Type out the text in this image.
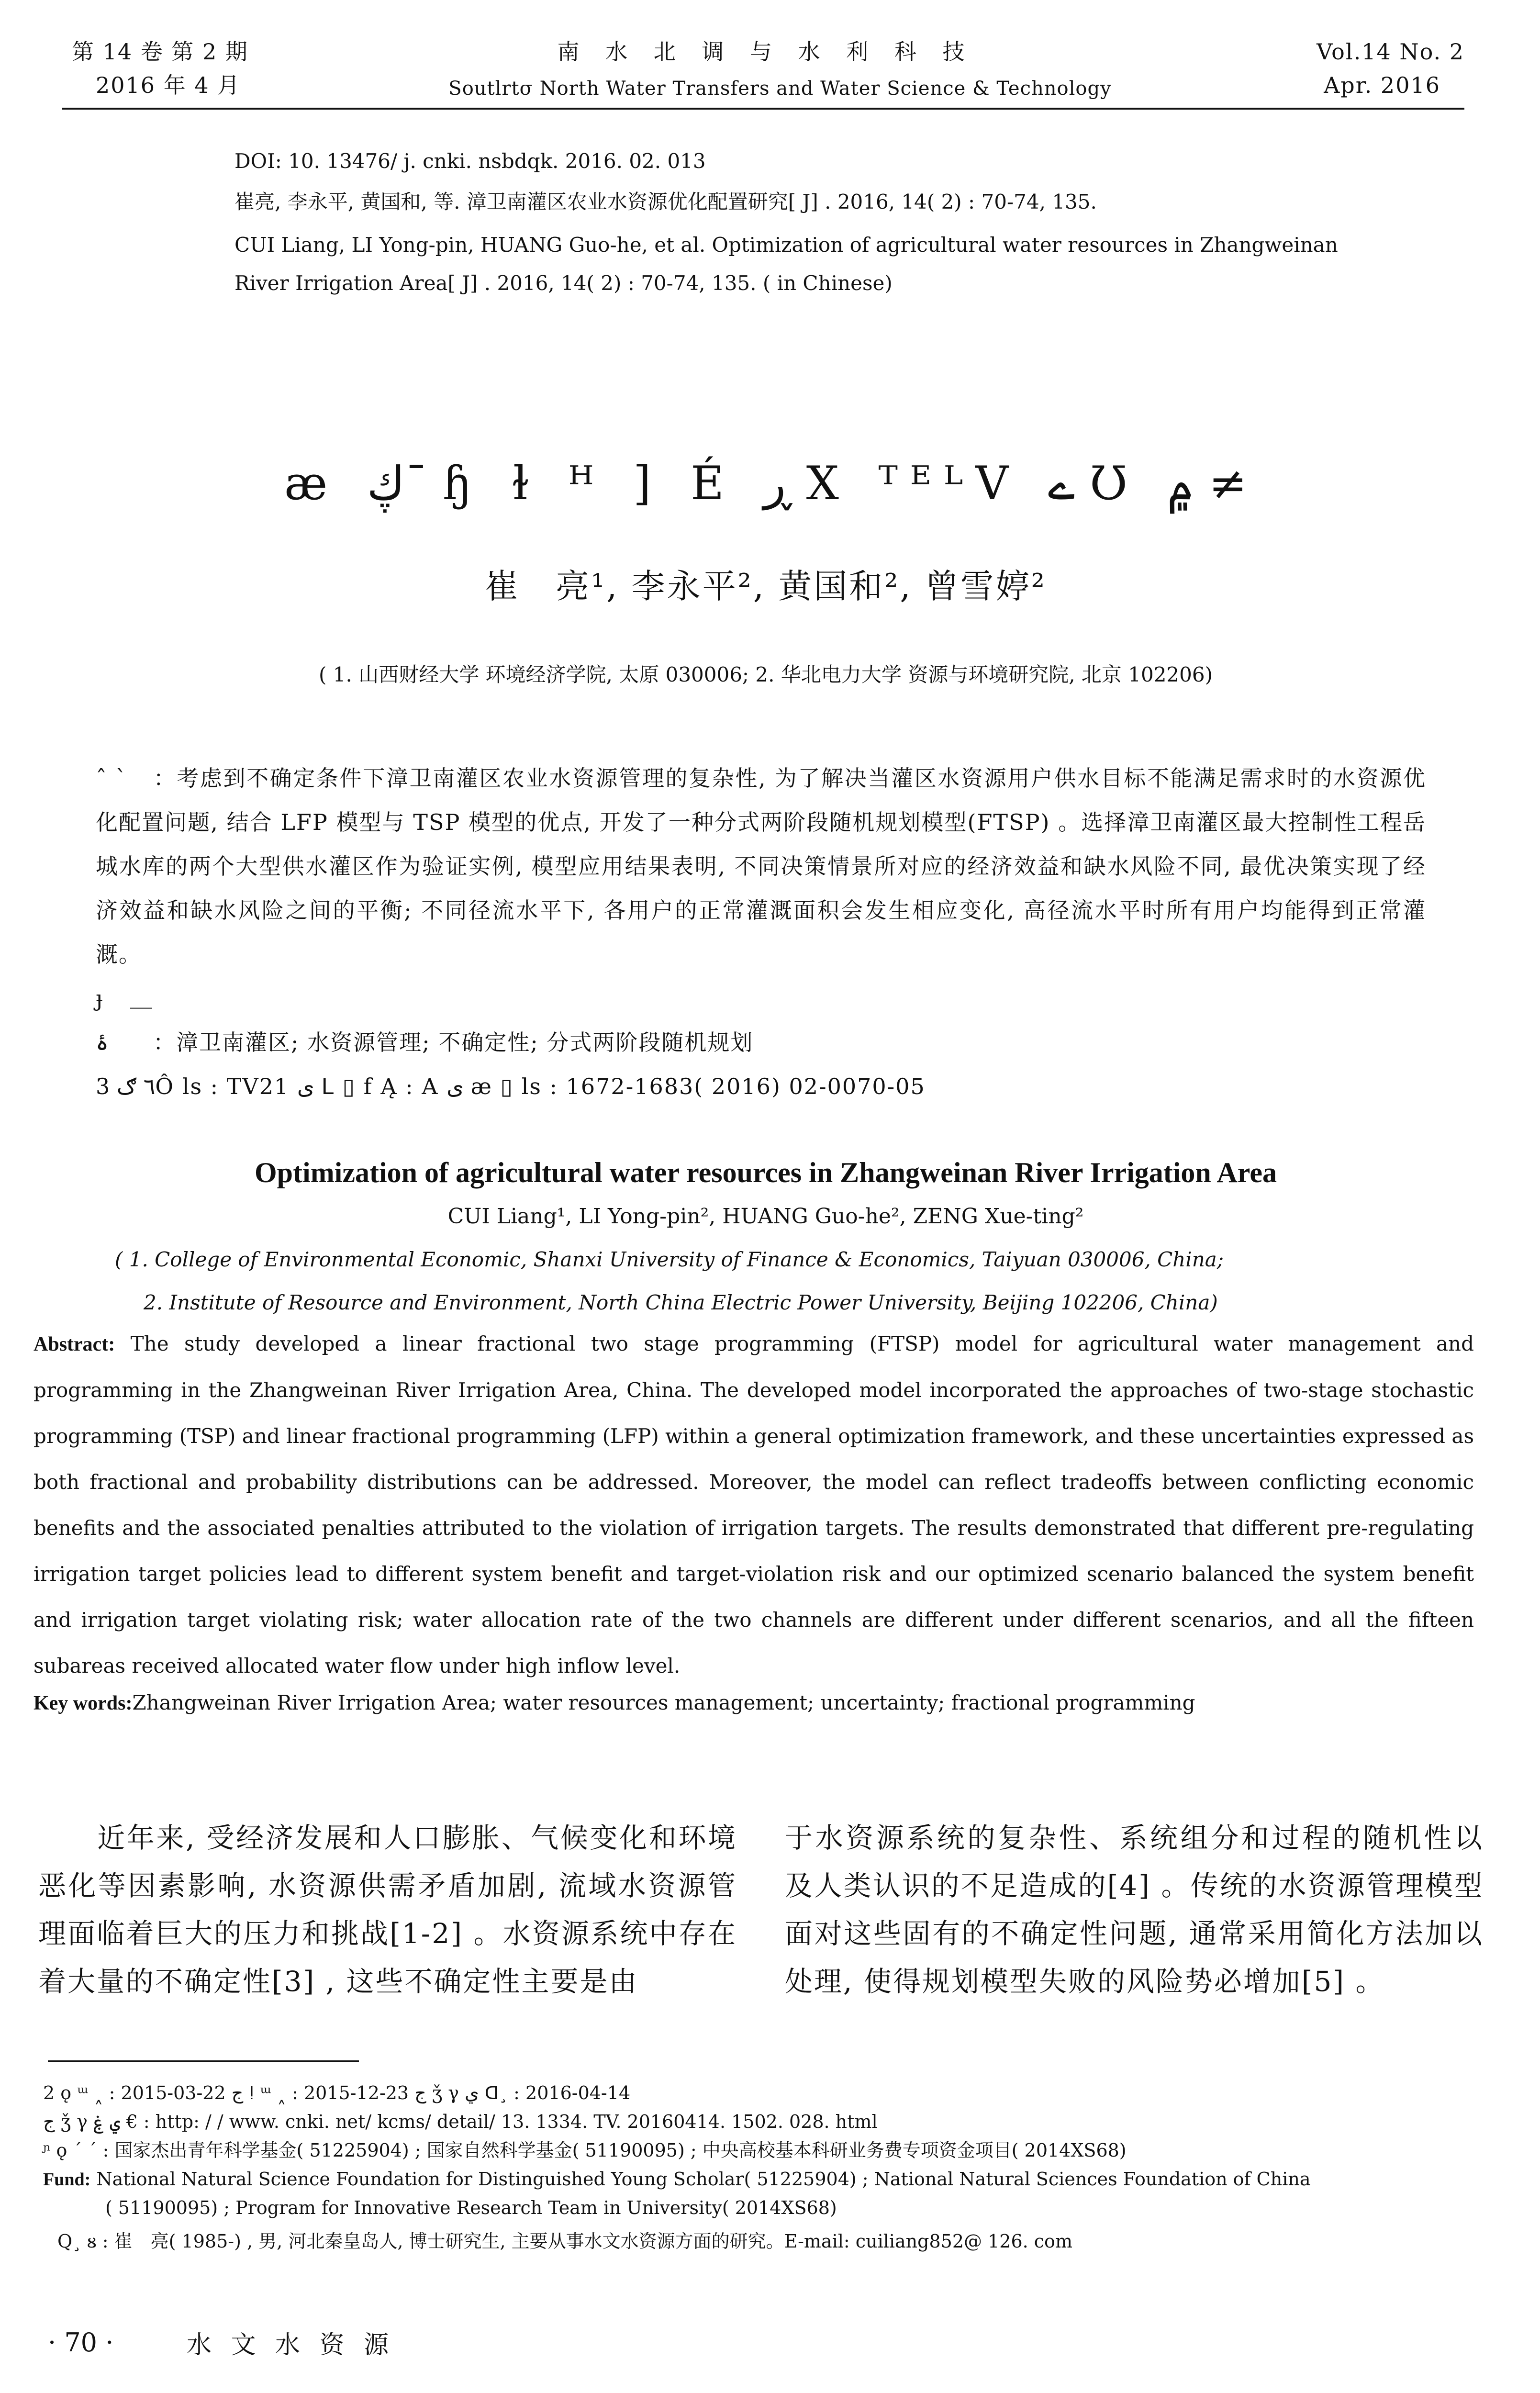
第 14 卷 第 2 期
2016 年 4 月
南 水 北 调 与 水 利 科 技
Soutlrtσ North Water Transfers and Water Science & Technology
Vol.14 No. 2
Apr. 2016
DOI: 10. 13476/ j. cnki. nsbdqk. 2016. 02. 013
崔亮, 李永平, 黄国和, 等. 漳卫南灌区农业水资源优化配置研究[ J] . 2016, 14( 2) : 70-74, 135.
CUI Liang, LI Yong-pin, HUANG Guo-he, et al. Optimization of agricultural water resources in Zhangweinan
River Irrigation Area[ J] . 2016, 14( 2) : 70-74, 135. ( in Chinese)
ӕ ڮ¯ ɧ ɫ ᴴ ] É ڕ X ᵀᴱᴸV ے Ʊ ۾ ≠
崔　亮¹, 李永平², 黄国和², 曾雪婷²
( 1. 山西财经大学 环境经济学院, 太原 030006; 2. 华北电力大学 资源与环境研究院, 北京 102206)
ˆ ˋ ：考虑到不确定条件下漳卫南灌区农业水资源管理的复杂性, 为了解决当灌区水资源用户供水目标不能满足需求时的水资源优化配置问题, 结合 LFP 模型与 TSP 模型的优点, 开发了一种分式两阶段随机规划模型(FTSP) 。选择漳卫南灌区最大控制性工程岳城水库的两个大型供水灌区作为验证实例, 模型应用结果表明, 不同决策情景所对应的经济效益和缺水风险不同, 最优决策实现了经济效益和缺水风险之间的平衡; 不同径流水平下, 各用户的正常灌溉面积会发生相应变化, 高径流水平时所有用户均能得到正常灌溉。
ɟ ＿ ۀ ：漳卫南灌区; 水资源管理; 不确定性; 分式两阶段随机规划
3 ٦ ګÔ ls : TV21 ى ᒪ ▯ f Ą : A ى ӕ ▯ ls : 1672-1683( 2016) 02-0070-05
Optimization of agricultural water resources in Zhangweinan River Irrigation Area
CUI Liang¹, LI Yong-pin², HUANG Guo-he², ZENG Xue-ting²
( 1. College of Environmental Economic, Shanxi University of Finance & Economics, Taiyuan 030006, China;
2. Institute of Resource and Environment, North China Electric Power University, Beijing 102206, China)
Abstract: The study developed a linear fractional two stage programming (FTSP) model for agricultural water management and programming in the Zhangweinan River Irrigation Area, China. The developed model incorporated the approaches of two-stage stochastic programming (TSP) and linear fractional programming (LFP) within a general optimization framework, and these uncertainties expressed as both fractional and probability distributions can be addressed. Moreover, the model can reflect tradeoffs between conflicting economic benefits and the associated penalties attributed to the violation of irrigation targets. The results demonstrated that different pre-regulating irrigation target policies lead to different system benefit and target-violation risk and our optimized scenario balanced the system benefit and irrigation target violating risk; water allocation rate of the two channels are different under different scenarios, and all the fifteen subareas received allocated water flow under high inflow level.
Key words:Zhangweinan River Irrigation Area; water resources management; uncertainty; fractional programming
　　近年来, 受经济发展和人口膨胀、气候变化和环境恶化等因素影响, 水资源供需矛盾加剧, 流域水资源管理面临着巨大的压力和挑战[1-2] 。水资源系统中存在着大量的不确定性[3] , 这些不确定性主要是由
于水资源系统的复杂性、系统组分和过程的随机性以及人类认识的不足造成的[4] 。传统的水资源管理模型面对这些固有的不确定性问题, 通常采用简化方法加以处理, 使得规划模型失败的风险势必增加[5] 。
2 ǫ ᵚ ˰ : 2015-03-22 ج ǃ ᵚ ˰ : 2015-12-23 ج ǯ γ ي ᗡ¸ : 2016-04-14
ج ǯ γ ي ۼ € : http: / / www. cnki. net/ kcms/ detail/ 13. 1334. TV. 20160414. 1502. 028. html
ᶮ ǫ ˊ ˊ : 国家杰出青年科学基金( 51225904) ; 国家自然科学基金( 51190095) ; 中央高校基本科研业务费专项资金项目( 2014XS68)
Fund: National Natural Science Foundation for Distinguished Young Scholar( 51225904) ; National Natural Sciences Foundation of China
( 51190095) ; Program for Innovative Research Team in University( 2014XS68)
Q¸ ᴕ : 崔　亮( 1985-) , 男, 河北秦皇岛人, 博士研究生, 主要从事水文水资源方面的研究。E-mail: cuiliang852@ 126. com
· 70 ·	水 文 水 资 源
